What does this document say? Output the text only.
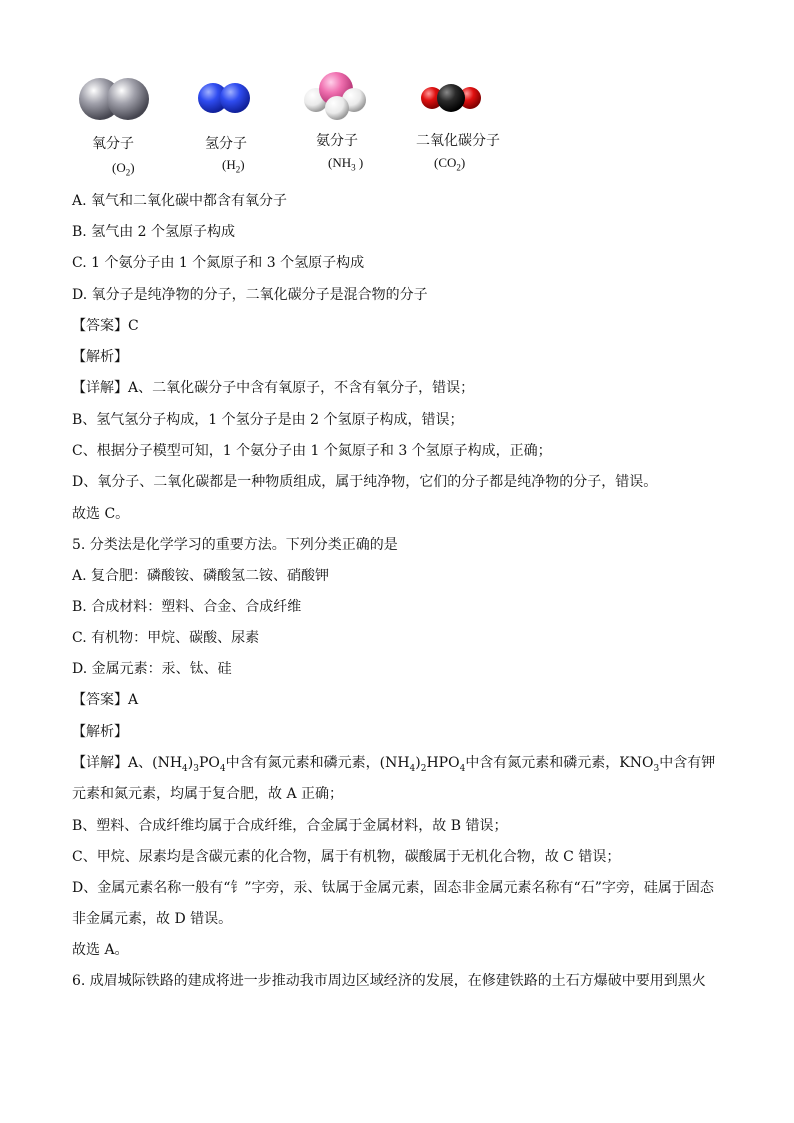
氧分子
$(O_2)$
氢分子
$(H_2)$
氨分子
($NH_3$ )
二氧化碳分子
$(CO_2)$
A. 氧气和二氧化碳中都含有氧分子
B. 氢气由 2 个氢原子构成
C. 1 个氨分子由 1 个氮原子和 3 个氢原子构成
D. 氧分子是纯净物的分子，二氧化碳分子是混合物的分子
【答案】C
【解析】
【详解】A、二氧化碳分子中含有氧原子，不含有氧分子，错误；
B、氢气氢分子构成，1 个氢分子是由 2 个氢原子构成，错误；
C、根据分子模型可知，1 个氨分子由 1 个氮原子和 3 个氢原子构成，正确；
D、氧分子、二氧化碳都是一种物质组成，属于纯净物，它们的分子都是纯净物的分子，错误。
故选 C。
5. 分类法是化学学习的重要方法。下列分类正确的是
A. 复合肥：磷酸铵、磷酸氢二铵、硝酸钾
B. 合成材料：塑料、合金、合成纤维
C. 有机物：甲烷、碳酸、尿素
D. 金属元素：汞、钛、硅
【答案】A
【解析】
【详解】A、$(NH_4)_3PO_4$中含有氮元素和磷元素，$(NH_4)_2HPO_4$中含有氮元素和磷元素，$KNO_3$中含有钾
元素和氮元素，均属于复合肥，故 A 正确；
B、塑料、合成纤维均属于合成纤维，合金属于金属材料，故 B 错误；
C、甲烷、尿素均是含碳元素的化合物，属于有机物，碳酸属于无机化合物，故 C 错误；
D、金属元素名称一般有“钅”字旁，汞、钛属于金属元素，固态非金属元素名称有“石”字旁，硅属于固态
非金属元素，故 D 错误。
故选 A。
6. 成眉城际铁路的建成将进一步推动我市周边区域经济的发展，在修建铁路的土石方爆破中要用到黑火
